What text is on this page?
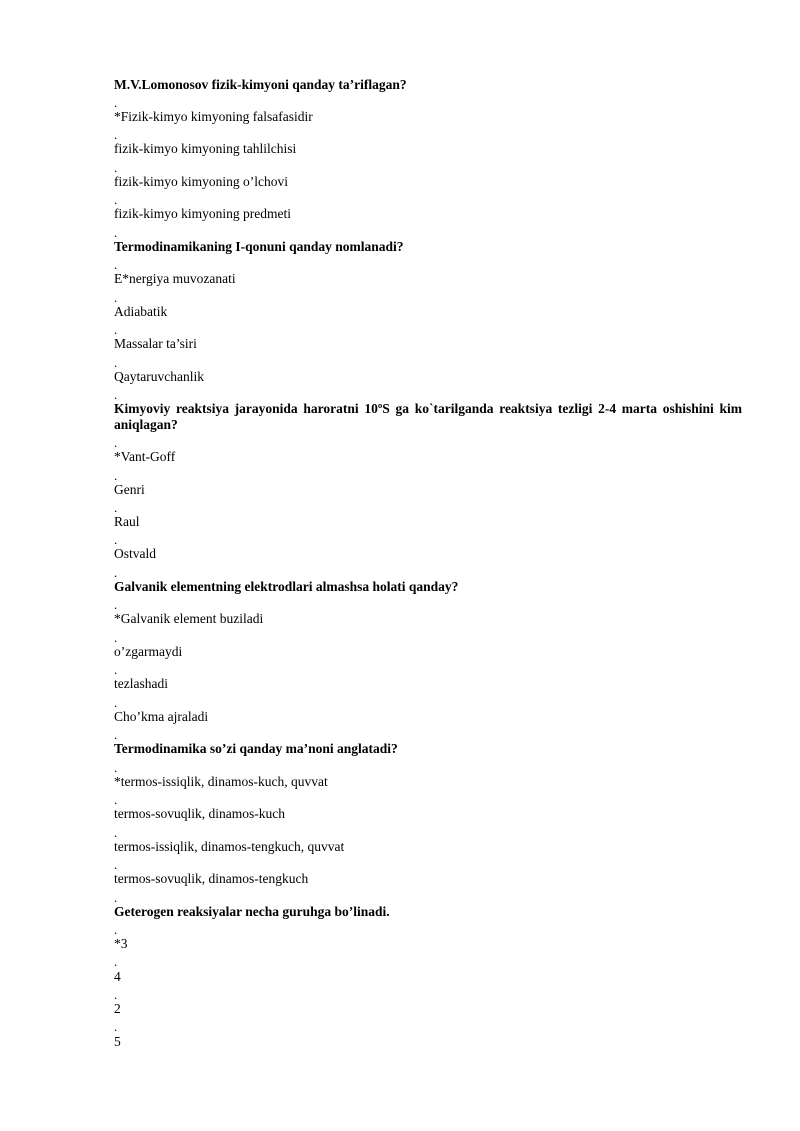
M.V.Lomonosov fizik-kimyoni qanday ta’riflagan?
.
*Fizik-kimyo kimyoning falsafasidir
.
fizik-kimyo kimyoning tahlilchisi
.
fizik-kimyo kimyoning o’lchovi
.
fizik-kimyo kimyoning predmeti
.
Termodinamikaning I-qonuni qanday nomlanadi?
.
E*nergiya muvozanati
.
Adiabatik
.
Massalar ta’siri
.
Qaytaruvchanlik
.
Kimyoviy reaktsiya jarayonida haroratni 10ºS ga ko`tarilganda reaktsiya tezligi 2-4 marta oshishini kim aniqlagan?
.
*Vant-Goff
.
Genri
.
Raul
.
Ostvald
.
Galvanik elementning elektrodlari almashsa holati qanday?
.
*Galvanik element buziladi
.
o’zgarmaydi
.
tezlashadi
.
Cho’kma ajraladi
.
Termodinamika so’zi qanday ma’noni anglatadi?
.
*termos-issiqlik, dinamos-kuch, quvvat
.
termos-sovuqlik, dinamos-kuch
.
termos-issiqlik, dinamos-tengkuch, quvvat
.
termos-sovuqlik, dinamos-tengkuch
.
Geterogen reaksiyalar necha guruhga bo’linadi.
.
*3
.
4
.
2
.
5
